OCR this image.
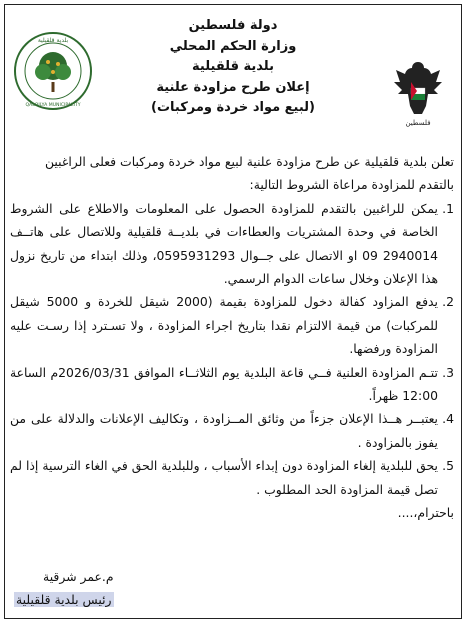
دولة فلسطين
وزارة الحكم المحلي
بلدية قلقيلية
إعلان طرح مزاودة علنية
(لبيع مواد خردة ومركبات)
فلسطين
بلدية قلقيلية
QALQILYA MUNICIPALITY

تعلن بلدية قلقيلية عن طرح مزاودة علنية لبيع مواد خردة ومركبات فعلى الراغبين بالتقدم للمزاودة مراعاة الشروط التالية:

1.
يمكن للراغبين بالتقدم للمزاودة الحصول على المعلومات والاطلاع على الشروط الخاصة في وحدة المشتريات والعطاءات في بلديــة قلقيلية وللاتصال على هاتــف 2940014 09 او الاتصال على جــوال 0595931293، وذلك ابتداء من تاريخ نزول هذا الإعلان وخلال ساعات الدوام الرسمي.
2.
يدفع المزاود كفالة دخول للمزاودة بقيمة (2000 شيقل للخردة و 5000 شيقل للمركبات) من قيمة الالتزام نقدا بتاريخ اجراء المزاودة ، ولا تسـترد إذا رسـت عليه المزاودة ورفضها.
3.
تتـم المزاودة العلنية فــي قاعة البلدية يوم الثلاثــاء الموافق 2026/03/31م الساعة 12:00 ظهراً.
4.
يعتبــر هــذا الإعلان جزءاً من وثائق المــزاودة ، وتكاليف الإعلانات والدلالة على من يفوز بالمزاودة .
5.
يحق للبلدية إلغاء المزاودة دون إبداء الأسباب ، وللبلدية الحق في الغاء الترسية إذا لم تصل قيمة المزاودة الحد المطلوب .

باحترام،....

م.عمر شرقية
رئيس بلدية قلقيلية
